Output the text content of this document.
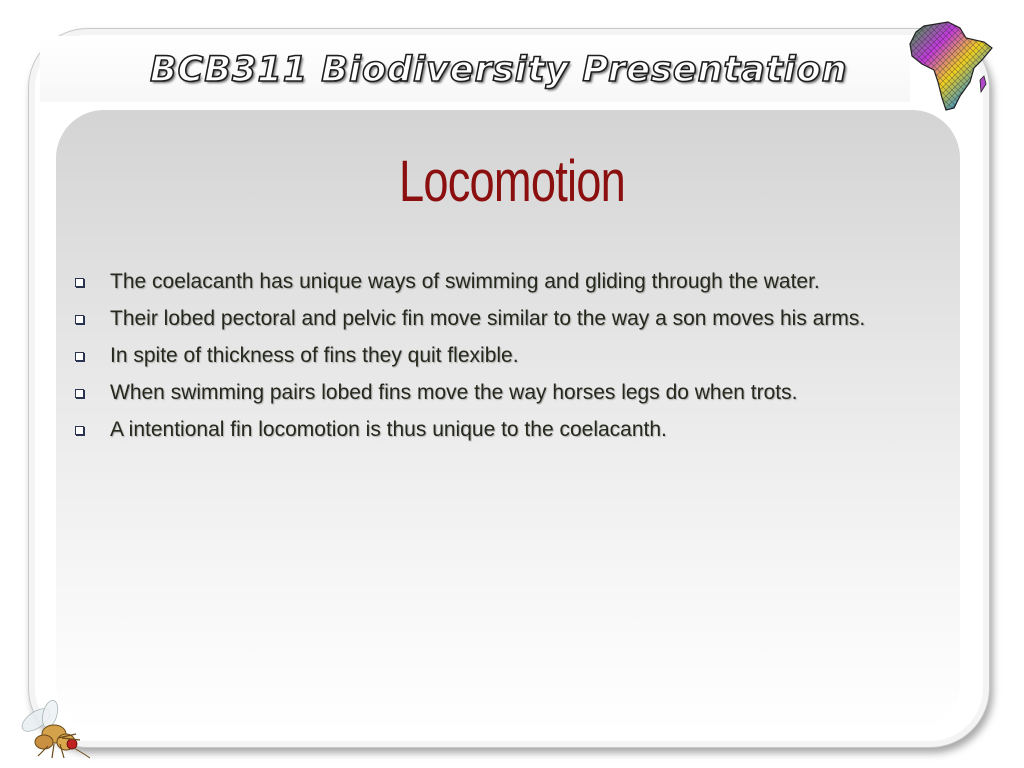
BCB311 Biodiversity Presentation
Locomotion
The coelacanth has unique ways of swimming and gliding through the water.
Their lobed pectoral and pelvic fin move similar to the way a son moves his arms.
In spite of thickness of fins they quit flexible.
When swimming pairs lobed fins move the way horses legs do when trots.
A intentional fin locomotion is thus unique to the coelacanth.
